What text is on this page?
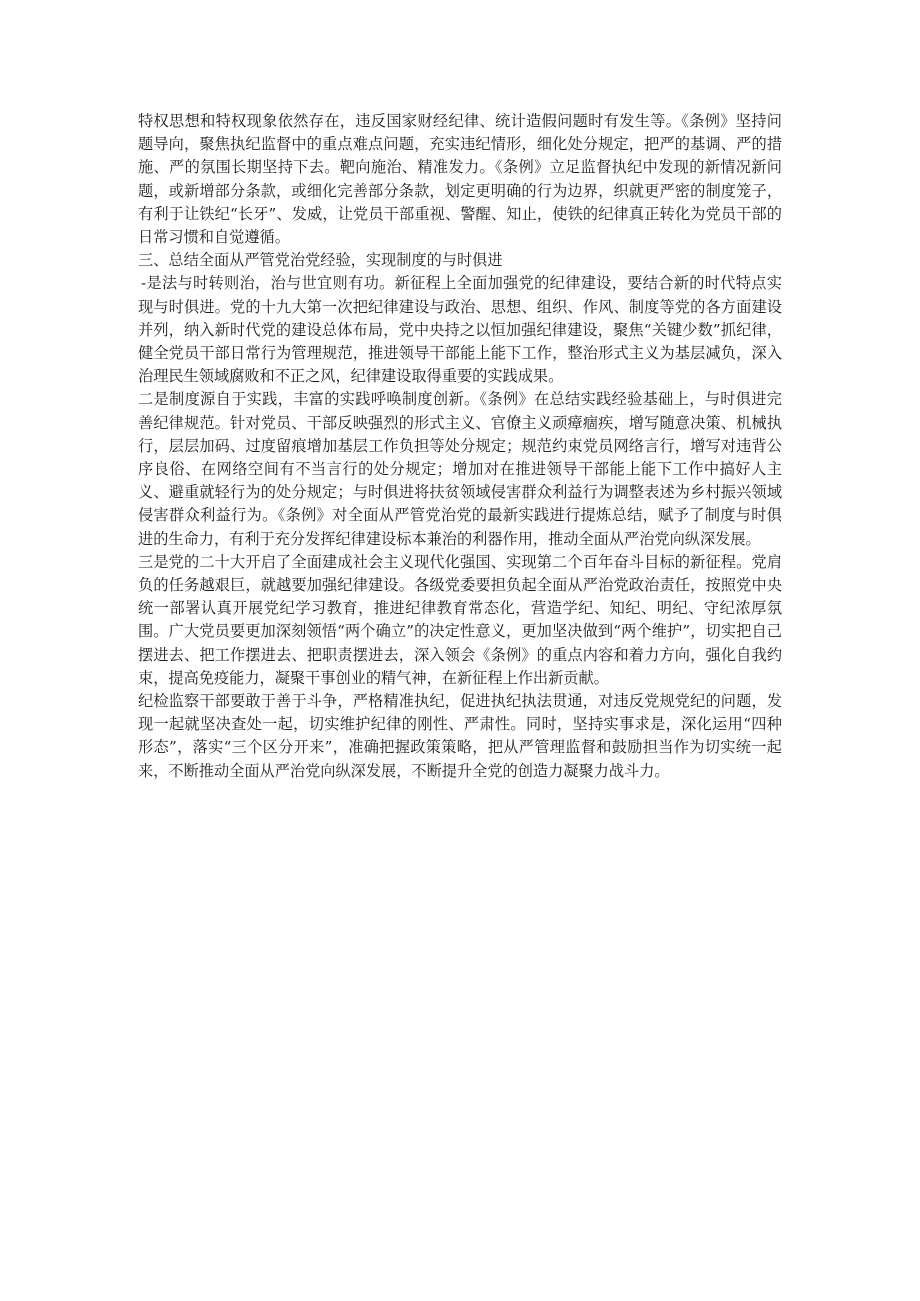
特权思想和特权现象依然存在，违反国家财经纪律、统计造假问题时有发生等。《条例》坚持问题导向，聚焦执纪监督中的重点难点问题，充实违纪情形，细化处分规定，把严的基调、严的措施、严的氛围长期坚持下去。靶向施治、精准发力。《条例》立足监督执纪中发现的新情况新问题，或新增部分条款，或细化完善部分条款，划定更明确的行为边界，织就更严密的制度笼子，有利于让铁纪“长牙”、发威，让党员干部重视、警醒、知止，使铁的纪律真正转化为党员干部的日常习惯和自觉遵循。

三、总结全面从严管党治党经验，实现制度的与时俱进

-是法与时转则治，治与世宜则有功。新征程上全面加强党的纪律建设，要结合新的时代特点实现与时俱进。党的十九大第一次把纪律建设与政治、思想、组织、作风、制度等党的各方面建设并列，纳入新时代党的建设总体布局，党中央持之以恒加强纪律建设，聚焦“关键少数”抓纪律，健全党员干部日常行为管理规范，推进领导干部能上能下工作，整治形式主义为基层减负，深入治理民生领域腐败和不正之风，纪律建设取得重要的实践成果。

二是制度源自于实践，丰富的实践呼唤制度创新。《条例》在总结实践经验基础上，与时俱进完善纪律规范。针对党员、干部反映强烈的形式主义、官僚主义顽瘴痼疾，增写随意决策、机械执行，层层加码、过度留痕增加基层工作负担等处分规定；规范约束党员网络言行，增写对违背公序良俗、在网络空间有不当言行的处分规定；增加对在推进领导干部能上能下工作中搞好人主义、避重就轻行为的处分规定；与时俱进将扶贫领域侵害群众利益行为调整表述为乡村振兴领域侵害群众利益行为。《条例》对全面从严管党治党的最新实践进行提炼总结，赋予了制度与时俱进的生命力，有利于充分发挥纪律建设标本兼治的利器作用，推动全面从严治党向纵深发展。

三是党的二十大开启了全面建成社会主义现代化强国、实现第二个百年奋斗目标的新征程。党肩负的任务越艰巨，就越要加强纪律建设。各级党委要担负起全面从严治党政治责任，按照党中央统一部署认真开展党纪学习教育，推进纪律教育常态化，营造学纪、知纪、明纪、守纪浓厚氛围。广大党员要更加深刻领悟“两个确立”的决定性意义，更加坚决做到“两个维护”，切实把自己摆进去、把工作摆进去、把职责摆进去，深入领会《条例》的重点内容和着力方向，强化自我约束，提高免疫能力，凝聚干事创业的精气神，在新征程上作出新贡献。

纪检监察干部要敢于善于斗争，严格精准执纪，促进执纪执法贯通，对违反党规党纪的问题，发现一起就坚决查处一起，切实维护纪律的刚性、严肃性。同时，坚持实事求是，深化运用“四种形态”，落实“三个区分开来”，准确把握政策策略，把从严管理监督和鼓励担当作为切实统一起来，不断推动全面从严治党向纵深发展，不断提升全党的创造力凝聚力战斗力。
